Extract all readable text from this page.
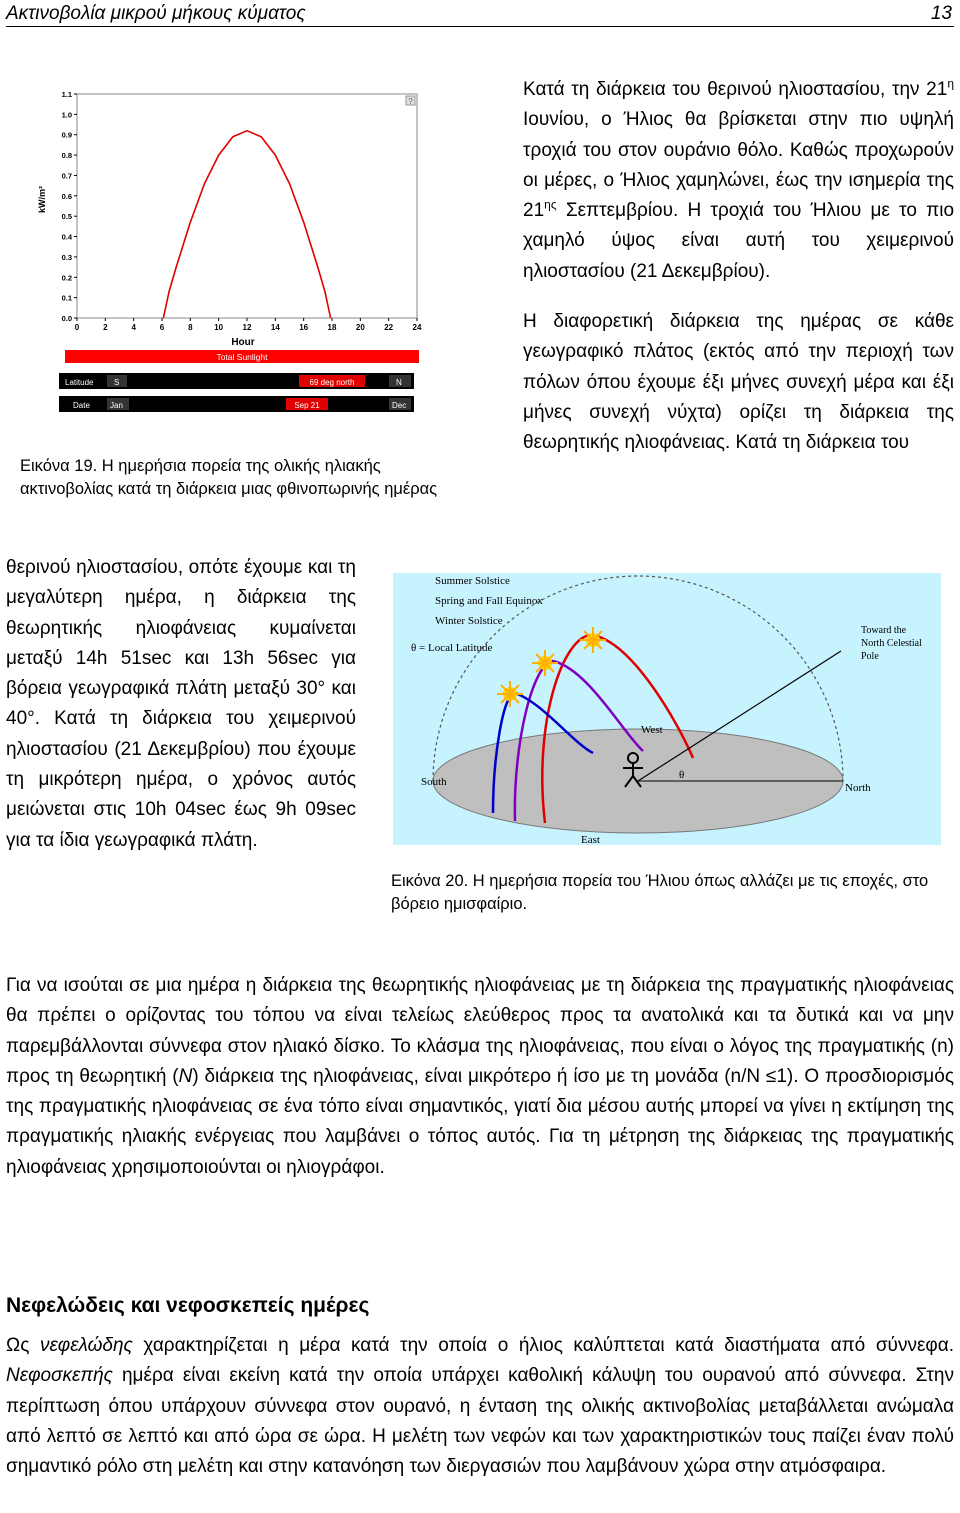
Ακτινοβολία μικρού μήκους κύματος	13
kW/m²
?
0.0
0.1
0.2
0.3
0.4
0.5
0.6
0.7
0.8
0.9
1.0
1.1
0	2	4	6	8	10 12 14 16 18 20 22 24
Hour
Total Sunlight
Latitude	S	69 deg north	N
Date	Jan	Sep 21	Dec
Εικόνα 19. Η ημερήσια πορεία της ολικής ηλιακής ακτινοβολίας κατά τη διάρκεια μιας φθινοπωρινής ημέρας

Κατά τη διάρκεια του θερινού ηλιοστασίου, την $21^\eta$ Ιουνίου, ο Ήλιος θα βρίσκεται στην πιο υψηλή τροχιά του στον ουράνιο θόλο. Καθώς προχωρούν οι μέρες, ο Ήλιος χαμηλώνει, έως την ισημερία της $21^{\eta\varsigma}$ Σεπτεμβρίου. Η τροχιά του Ήλιου με το πιο χαμηλό ύψος είναι αυτή του χειμερινού ηλιοστασίου (21 Δεκεμβρίου).

Η διαφορετική διάρκεια της ημέρας σε κάθε γεωγραφικό πλάτος (εκτός από την περιοχή των πόλων όπου έχουμε έξι μήνες συνεχή μέρα και έξι μήνες συνεχή νύχτα) ορίζει τη διάρκεια της θεωρητικής ηλιοφάνειας. Κατά τη διάρκεια του

θερινού ηλιοστασίου, οπότε έχουμε και τη μεγαλύτερη ημέρα, η διάρκεια της θεωρητικής ηλιοφάνειας κυμαίνεται μεταξύ 14h 51sec και 13h 56sec για βόρεια γεωγραφικά πλάτη μεταξύ 30° και 40°. Κατά τη διάρκεια του χειμερινού ηλιοστασίου (21 Δεκεμβρίου) που έχουμε τη μικρότερη ημέρα, ο χρόνος αυτός μειώνεται στις 10h 04sec έως 9h 09sec για τα ίδια γεωγραφικά πλάτη.

Summer Solstice
Spring and Fall Equinox
Winter Solstice
θ = Local Latitude
Toward the North Celestial Pole
West
South	North
East
θ
Εικόνα 20. Η ημερήσια πορεία του Ήλιου όπως αλλάζει με τις εποχές, στο βόρειο ημισφαίριο.

Για να ισούται σε μια ημέρα η διάρκεια της θεωρητικής ηλιοφάνειας με τη διάρκεια της πραγματικής ηλιοφάνειας θα πρέπει ο ορίζοντας του τόπου να είναι τελείως ελεύθερος προς τα ανατολικά και τα δυτικά και να μην παρεμβάλλονται σύννεφα στον ηλιακό δίσκο. Το κλάσμα της ηλιοφάνειας, που είναι ο λόγος της πραγματικής (n) προς τη θεωρητική (N) διάρκεια της ηλιοφάνειας, είναι μικρότερο ή ίσο με τη μονάδα (n/N ≤1). Ο προσδιορισμός της πραγματικής ηλιοφάνειας σε ένα τόπο είναι σημαντικός, γιατί δια μέσου αυτής μπορεί να γίνει η εκτίμηση της πραγματικής ηλιακής ενέργειας που λαμβάνει ο τόπος αυτός. Για τη μέτρηση της διάρκειας της πραγματικής ηλιοφάνειας χρησιμοποιούνται οι ηλιογράφοι.

Νεφελώδεις και νεφοσκεπείς ημέρες

Ως νεφελώδης χαρακτηρίζεται η μέρα κατά την οποία ο ήλιος καλύπτεται κατά διαστήματα από σύννεφα. Νεφοσκεπής ημέρα είναι εκείνη κατά την οποία υπάρχει καθολική κάλυψη του ουρανού από σύννεφα. Στην περίπτωση όπου υπάρχουν σύννεφα στον ουρανό, η ένταση της ολικής ακτινοβολίας μεταβάλλεται ανώμαλα από λεπτό σε λεπτό και από ώρα σε ώρα. Η μελέτη των νεφών και των χαρακτηριστικών τους παίζει έναν πολύ σημαντικό ρόλο στη μελέτη και στην κατανόηση των διεργασιών που λαμβάνουν χώρα στην ατμόσφαιρα.
